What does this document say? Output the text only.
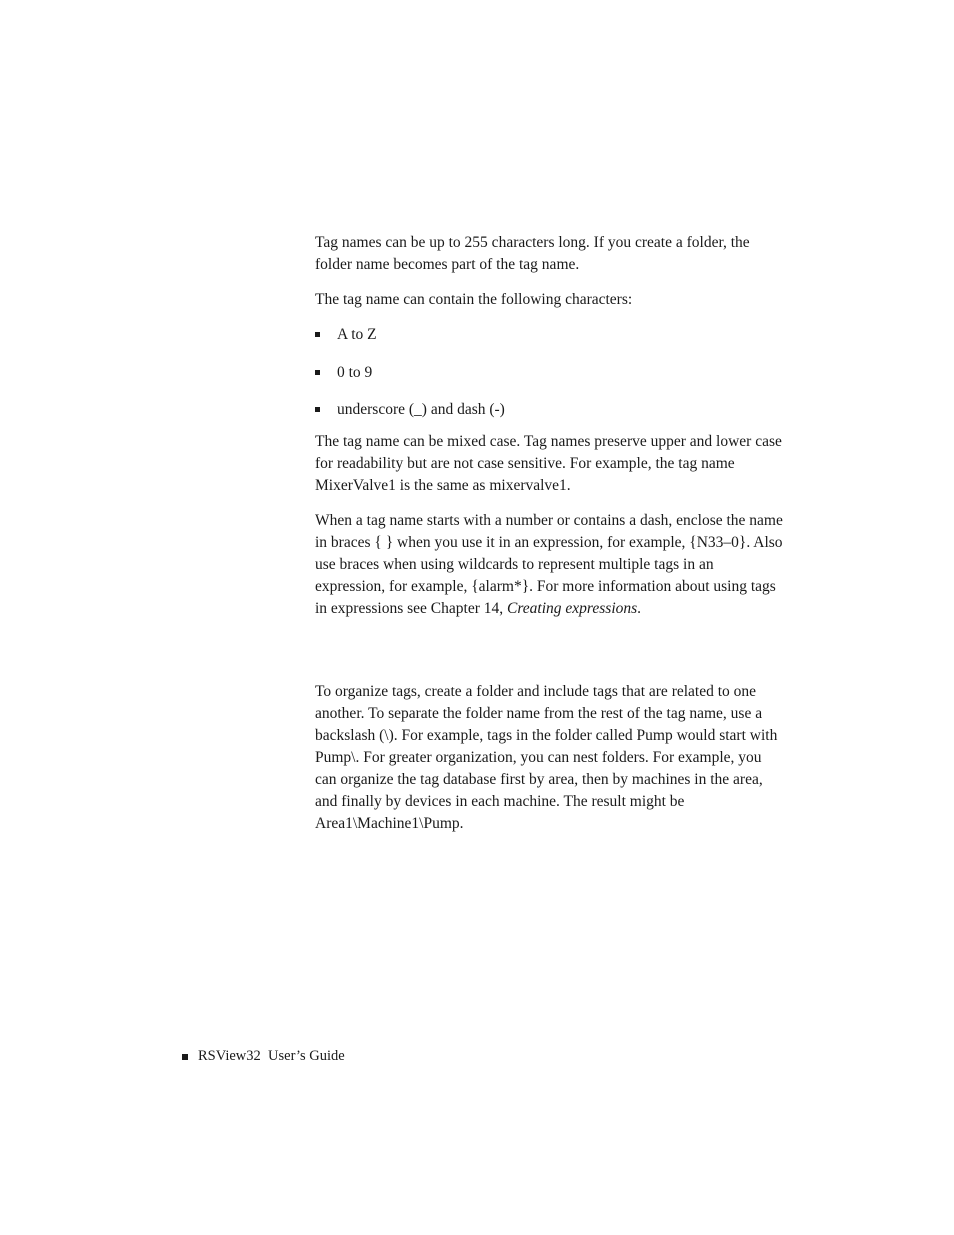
Tag names can be up to 255 characters long. If you create a folder, the folder name becomes part of the tag name.

The tag name can contain the following characters:

A to Z
0 to 9
underscore (_) and dash (-)

The tag name can be mixed case. Tag names preserve upper and lower case for readability but are not case sensitive. For example, the tag name MixerValve1 is the same as mixervalve1.

When a tag name starts with a number or contains a dash, enclose the name in braces { } when you use it in an expression, for example, {N33–0}. Also use braces when using wildcards to represent multiple tags in an expression, for example, {alarm*}. For more information about using tags in expressions see Chapter 14, Creating expressions.

To organize tags, create a folder and include tags that are related to one another. To separate the folder name from the rest of the tag name, use a backslash (\). For example, tags in the folder called Pump would start with Pump\. For greater organization, you can nest folders. For example, you can organize the tag database first by area, then by machines in the area, and finally by devices in each machine. The result might be Area1\Machine1\Pump.

RSView32  User’s Guide
